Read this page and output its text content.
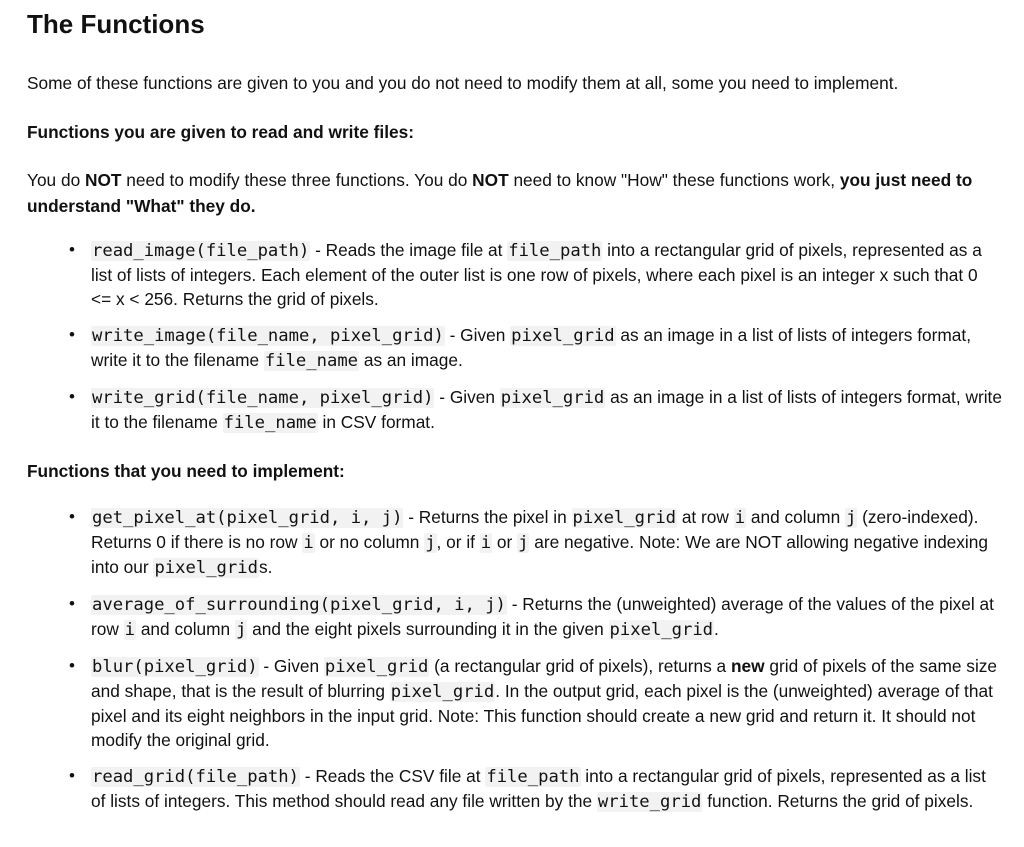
The Functions

Some of these functions are given to you and you do not need to modify them at all, some you need to implement.

Functions you are given to read and write files:

You do NOT need to modify these three functions. You do NOT need to know "How" these functions work, you just need to understand "What" they do.

• read_image(file_path) - Reads the image file at file_path into a rectangular grid of pixels, represented as a list of lists of integers. Each element of the outer list is one row of pixels, where each pixel is an integer x such that 0 <= x < 256. Returns the grid of pixels.
• write_image(file_name, pixel_grid) - Given pixel_grid as an image in a list of lists of integers format, write it to the filename file_name as an image.
• write_grid(file_name, pixel_grid) - Given pixel_grid as an image in a list of lists of integers format, write it to the filename file_name in CSV format.

Functions that you need to implement:

• get_pixel_at(pixel_grid, i, j) - Returns the pixel in pixel_grid at row i and column j (zero-indexed). Returns 0 if there is no row i or no column j, or if i or j are negative. Note: We are NOT allowing negative indexing into our pixel_grids.
• average_of_surrounding(pixel_grid, i, j) - Returns the (unweighted) average of the values of the pixel at row i and column j and the eight pixels surrounding it in the given pixel_grid.
• blur(pixel_grid) - Given pixel_grid (a rectangular grid of pixels), returns a new grid of pixels of the same size and shape, that is the result of blurring pixel_grid. In the output grid, each pixel is the (unweighted) average of that pixel and its eight neighbors in the input grid. Note: This function should create a new grid and return it. It should not modify the original grid.
• read_grid(file_path) - Reads the CSV file at file_path into a rectangular grid of pixels, represented as a list of lists of integers. This method should read any file written by the write_grid function. Returns the grid of pixels.
